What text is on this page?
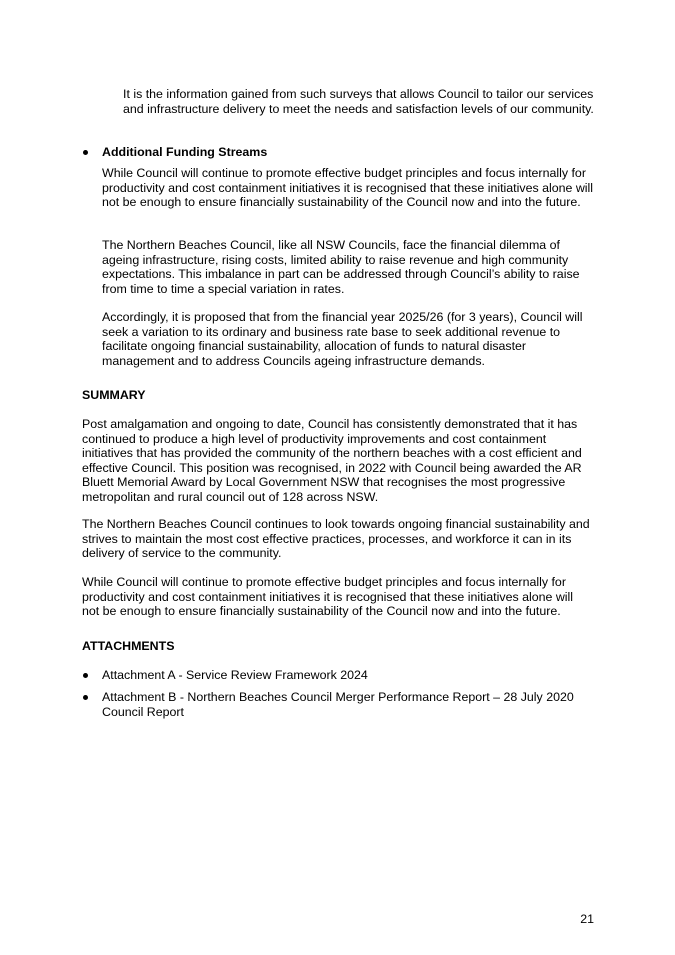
It is the information gained from such surveys that allows Council to tailor our services and infrastructure delivery to meet the needs and satisfaction levels of our community.

Additional Funding Streams

While Council will continue to promote effective budget principles and focus internally for productivity and cost containment initiatives it is recognised that these initiatives alone will not be enough to ensure financially sustainability of the Council now and into the future.

The Northern Beaches Council, like all NSW Councils, face the financial dilemma of ageing infrastructure, rising costs, limited ability to raise revenue and high community expectations. This imbalance in part can be addressed through Council’s ability to raise from time to time a special variation in rates.

Accordingly, it is proposed that from the financial year 2025/26 (for 3 years), Council will seek a variation to its ordinary and business rate base to seek additional revenue to facilitate ongoing financial sustainability, allocation of funds to natural disaster management and to address Councils ageing infrastructure demands.

SUMMARY

Post amalgamation and ongoing to date, Council has consistently demonstrated that it has continued to produce a high level of productivity improvements and cost containment initiatives that has provided the community of the northern beaches with a cost efficient and effective Council. This position was recognised, in 2022 with Council being awarded the AR Bluett Memorial Award by Local Government NSW that recognises the most progressive metropolitan and rural council out of 128 across NSW.

The Northern Beaches Council continues to look towards ongoing financial sustainability and strives to maintain the most cost effective practices, processes, and workforce it can in its delivery of service to the community.

While Council will continue to promote effective budget principles and focus internally for productivity and cost containment initiatives it is recognised that these initiatives alone will not be enough to ensure financially sustainability of the Council now and into the future.

ATTACHMENTS

Attachment A - Service Review Framework 2024

Attachment B - Northern Beaches Council Merger Performance Report – 28 July 2020 Council Report

21
